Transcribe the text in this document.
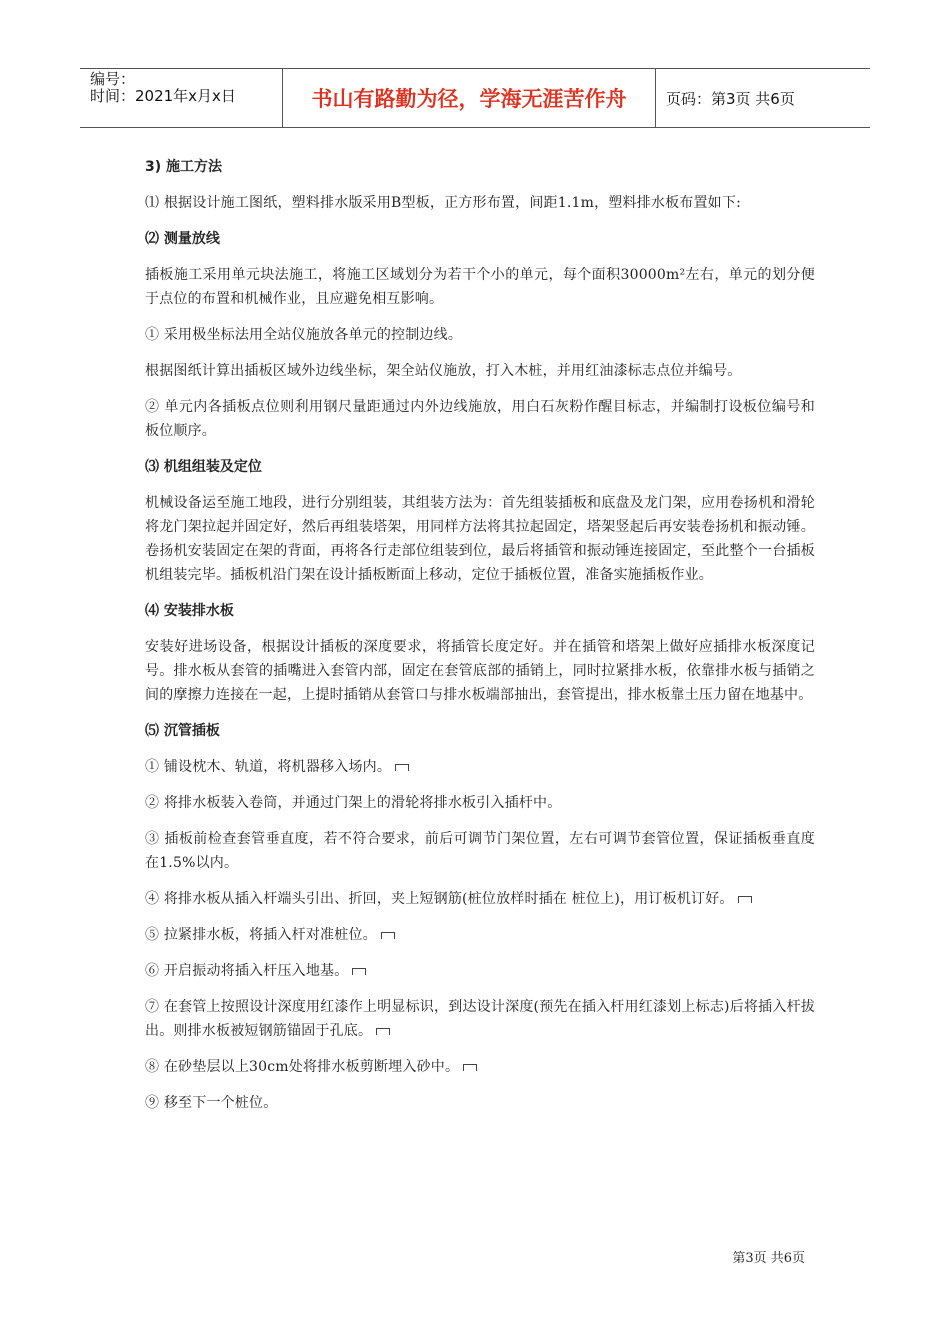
编号：
时间：2021年x月x日	书山有路勤为径，学海无涯苦作舟	页码：第3页 共6页
3) 施工方法

⑴ 根据设计施工图纸，塑料排水版采用B型板，正方形布置，间距1.1m，塑料排水板布置如下:

⑵ 测量放线

插板施工采用单元块法施工，将施工区域划分为若干个小的单元，每个面积30000m²左右，单元的划分便于点位的布置和机械作业，且应避免相互影响。

① 采用极坐标法用全站仪施放各单元的控制边线。

根据图纸计算出插板区域外边线坐标，架全站仪施放，打入木桩，并用红油漆标志点位并编号。

② 单元内各插板点位则利用钢尺量距通过内外边线施放，用白石灰粉作醒目标志，并编制打设板位编号和板位顺序。

⑶ 机组组装及定位

机械设备运至施工地段，进行分别组装，其组装方法为：首先组装插板和底盘及龙门架，应用卷扬机和滑轮将龙门架拉起并固定好，然后再组装塔架，用同样方法将其拉起固定，塔架竖起后再安装卷扬机和振动锤。卷扬机安装固定在架的背面，再将各行走部位组装到位，最后将插管和振动锤连接固定，至此整个一台插板机组装完毕。插板机沿门架在设计插板断面上移动，定位于插板位置，准备实施插板作业。

⑷ 安装排水板

安装好进场设备，根据设计插板的深度要求，将插管长度定好。并在插管和塔架上做好应插排水板深度记号。排水板从套管的插嘴进入套管内部，固定在套管底部的插销上，同时拉紧排水板，依靠排水板与插销之间的摩擦力连接在一起，上提时插销从套管口与排水板端部抽出，套管提出，排水板靠土压力留在地基中。

⑸ 沉管插板

① 铺设枕木、轨道，将机器移入场内。

② 将排水板装入卷筒，并通过门架上的滑轮将排水板引入插杆中。

③ 插板前检查套管垂直度，若不符合要求，前后可调节门架位置，左右可调节套管位置，保证插板垂直度在1.5%以内。

④ 将排水板从插入杆端头引出、折回，夹上短钢筋(桩位放样时插在 桩位上)，用订板机订好。

⑤ 拉紧排水板，将插入杆对准桩位。

⑥ 开启振动将插入杆压入地基。

⑦ 在套管上按照设计深度用红漆作上明显标识，到达设计深度(预先在插入杆用红漆划上标志)后将插入杆拔出。则排水板被短钢筋锚固于孔底。

⑧ 在砂垫层以上30cm处将排水板剪断埋入砂中。

⑨ 移至下一个桩位。

第3页 共6页
